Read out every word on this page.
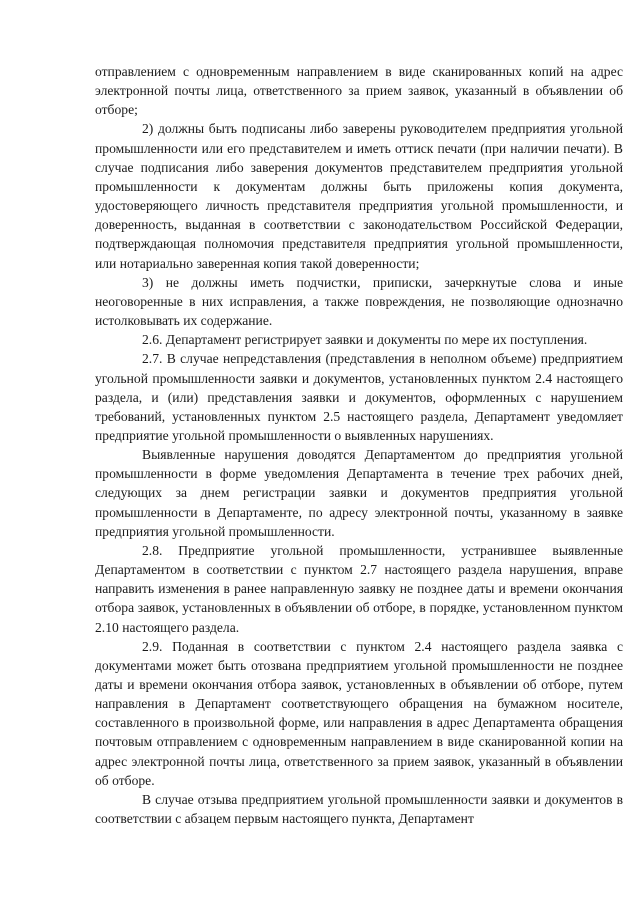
отправлением с одновременным направлением в виде сканированных копий на адрес электронной почты лица, ответственного за прием заявок, указанный в объявлении об отборе;

2) должны быть подписаны либо заверены руководителем предприятия угольной промышленности или его представителем и иметь оттиск печати (при наличии печати). В случае подписания либо заверения документов представителем предприятия угольной промышленности к документам должны быть приложены копия документа, удостоверяющего личность представителя предприятия угольной промышленности, и доверенность, выданная в соответствии с законодательством Российской Федерации, подтверждающая полномочия представителя предприятия угольной промышленности, или нотариально заверенная копия такой доверенности;

3) не должны иметь подчистки, приписки, зачеркнутые слова и иные неоговоренные в них исправления, а также повреждения, не позволяющие однозначно истолковывать их содержание.

2.6. Департамент регистрирует заявки и документы по мере их поступления.

2.7. В случае непредставления (представления в неполном объеме) предприятием угольной промышленности заявки и документов, установленных пунктом 2.4 настоящего раздела, и (или) представления заявки и документов, оформленных с нарушением требований, установленных пунктом 2.5 настоящего раздела, Департамент уведомляет предприятие угольной промышленности о выявленных нарушениях.

Выявленные нарушения доводятся Департаментом до предприятия угольной промышленности в форме уведомления Департамента в течение трех рабочих дней, следующих за днем регистрации заявки и документов предприятия угольной промышленности в Департаменте, по адресу электронной почты, указанному в заявке предприятия угольной промышленности.

2.8. Предприятие угольной промышленности, устранившее выявленные Департаментом в соответствии с пунктом 2.7 настоящего раздела нарушения, вправе направить изменения в ранее направленную заявку не позднее даты и времени окончания отбора заявок, установленных в объявлении об отборе, в порядке, установленном пунктом 2.10 настоящего раздела.

2.9. Поданная в соответствии с пунктом 2.4 настоящего раздела заявка с документами может быть отозвана предприятием угольной промышленности не позднее даты и времени окончания отбора заявок, установленных в объявлении об отборе, путем направления в Департамент соответствующего обращения на бумажном носителе, составленного в произвольной форме, или направления в адрес Департамента обращения почтовым отправлением с одновременным направлением в виде сканированной копии на адрес электронной почты лица, ответственного за прием заявок, указанный в объявлении об отборе.

В случае отзыва предприятием угольной промышленности заявки и документов в соответствии с абзацем первым настоящего пункта, Департамент
